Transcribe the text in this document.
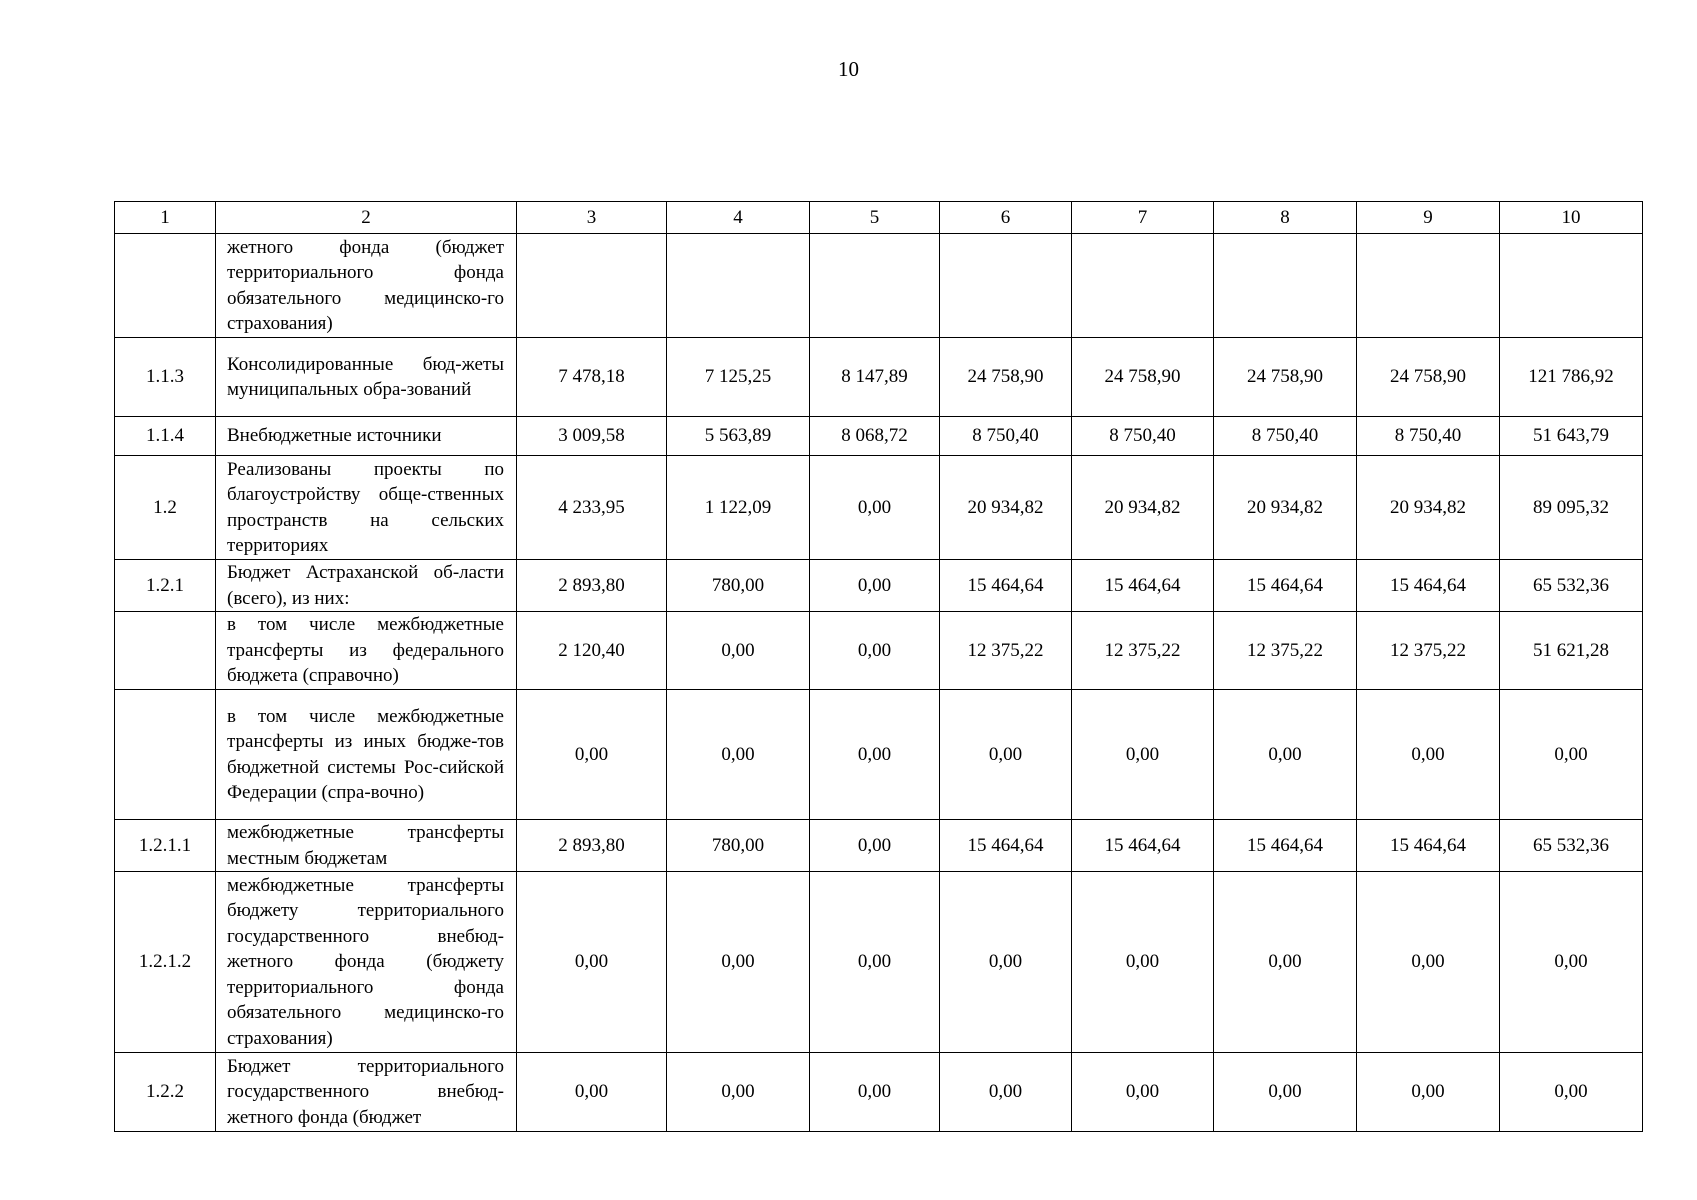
10
1	2	3	4	5	6	7	8	9	10
	жетного фонда (бюджет территориального фонда обязательного медицинско-го страхования)								
1.1.3	Консолидированные бюд-жеты муниципальных обра-зований	7 478,18	7 125,25	8 147,89	24 758,90	24 758,90	24 758,90	24 758,90	121 786,92
1.1.4	Внебюджетные источники	3 009,58	5 563,89	8 068,72	8 750,40	8 750,40	8 750,40	8 750,40	51 643,79
1.2	Реализованы проекты по благоустройству обще-ственных пространств на сельских территориях	4 233,95	1 122,09	0,00	20 934,82	20 934,82	20 934,82	20 934,82	89 095,32
1.2.1	Бюджет Астраханской об-ласти (всего), из них:	2 893,80	780,00	0,00	15 464,64	15 464,64	15 464,64	15 464,64	65 532,36
	в том числе межбюджетные трансферты из федерального бюджета (справочно)	2 120,40	0,00	0,00	12 375,22	12 375,22	12 375,22	12 375,22	51 621,28
	в том числе межбюджетные трансферты из иных бюдже-тов бюджетной системы Рос-сийской Федерации (спра-вочно)	0,00	0,00	0,00	0,00	0,00	0,00	0,00	0,00
1.2.1.1	межбюджетные трансферты местным бюджетам	2 893,80	780,00	0,00	15 464,64	15 464,64	15 464,64	15 464,64	65 532,36
1.2.1.2	межбюджетные трансферты бюджету территориального государственного внебюд-жетного фонда (бюджету территориального фонда обязательного медицинско-го страхования)	0,00	0,00	0,00	0,00	0,00	0,00	0,00	0,00
1.2.2	Бюджет территориального государственного внебюд-жетного фонда (бюджет	0,00	0,00	0,00	0,00	0,00	0,00	0,00	0,00
